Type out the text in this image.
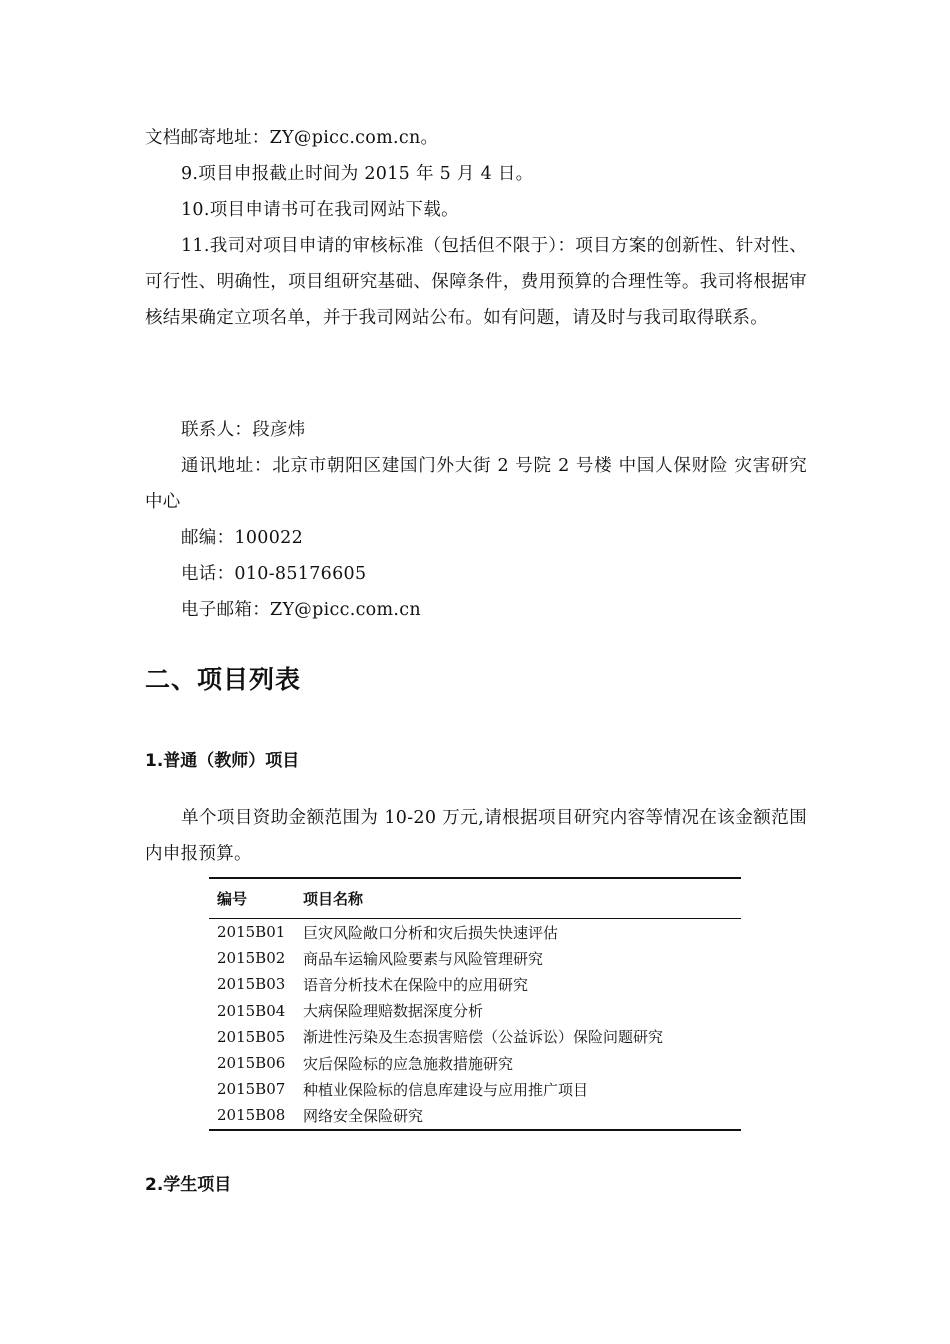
文档邮寄地址：ZY@picc.com.cn。

9.项目申报截止时间为 2015 年 5 月 4 日。

10.项目申请书可在我司网站下载。

11.我司对项目申请的审核标准（包括但不限于）：项目方案的创新性、针对性、可行性、明确性，项目组研究基础、保障条件，费用预算的合理性等。我司将根据审核结果确定立项名单，并于我司网站公布。如有问题，请及时与我司取得联系。

联系人：段彦炜

通讯地址：北京市朝阳区建国门外大街 2 号院 2 号楼 中国人保财险 灾害研究中心

邮编：100022

电话：010-85176605

电子邮箱：ZY@picc.com.cn

二、项目列表
1.普通（教师）项目

单个项目资助金额范围为 10-20 万元,请根据项目研究内容等情况在该金额范围内申报预算。

编号	项目名称
2015B01	巨灾风险敞口分析和灾后损失快速评估
2015B02	商品车运输风险要素与风险管理研究
2015B03	语音分析技术在保险中的应用研究
2015B04	大病保险理赔数据深度分析
2015B05	渐进性污染及生态损害赔偿（公益诉讼）保险问题研究
2015B06	灾后保险标的应急施救措施研究
2015B07	种植业保险标的信息库建设与应用推广项目
2015B08	网络安全保险研究
2.学生项目
